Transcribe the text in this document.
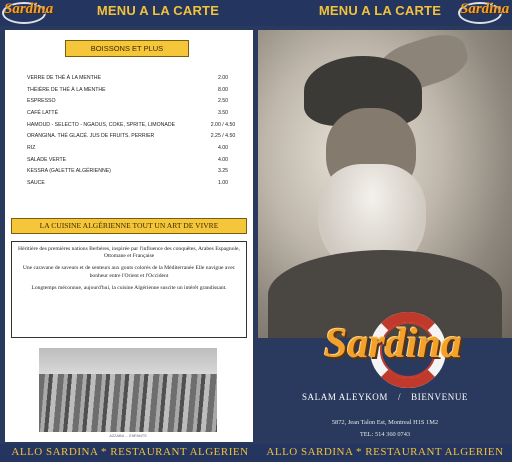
Sardina	MENU A LA CARTE	MENU A LA CARTE	Sardina
BOISSONS ET PLUS
VERRE DE THÉ À LA MENTHE	2.00
THÉIÈRE DE THÉ À LA MENTHE	8.00
ESPRESSO	2.50
CAFÉ LATTÉ	3.50
HAMOUD - SELECTO - NGAOUS, COKE, SPRITE, LIMONADE	2.00 / 4.50
ORANGINA. THÉ GLACÉ. JUS DE FRUITS. PERRIER	2.25 / 4.50
RIZ	4.00
SALADE VERTE	4.00
KESSRA (GALETTE ALGÉRIENNE)	3.25
SAUCE	1.00
LA CUISINE ALGÉRIENNE TOUT UN ART DE VIVRE

Héritière des premières nations Berbères, inspirée par l'influence des conquêtes, Arabes Espagnole, Ottomane et Française

Une caravane de saveurs et de senteurs aux gouts colorés de la Méditerranée Elle navigue avec bonheur entre l'Orient et l'Occident

Longtemps méconnue, aujourd'hui, la cuisine Algérienne suscite un intérêt grandissant.

AZZABA ... ENFANTS
Sardina
SALAM ALEYKOM / BIENVENUE
5872, Jean Talon Est, Montreal H1S 1M2
TEL: 514 360 0743
ALLO SARDINA * RESTAURANT ALGERIEN	ALLO SARDINA * RESTAURANT ALGERIEN
